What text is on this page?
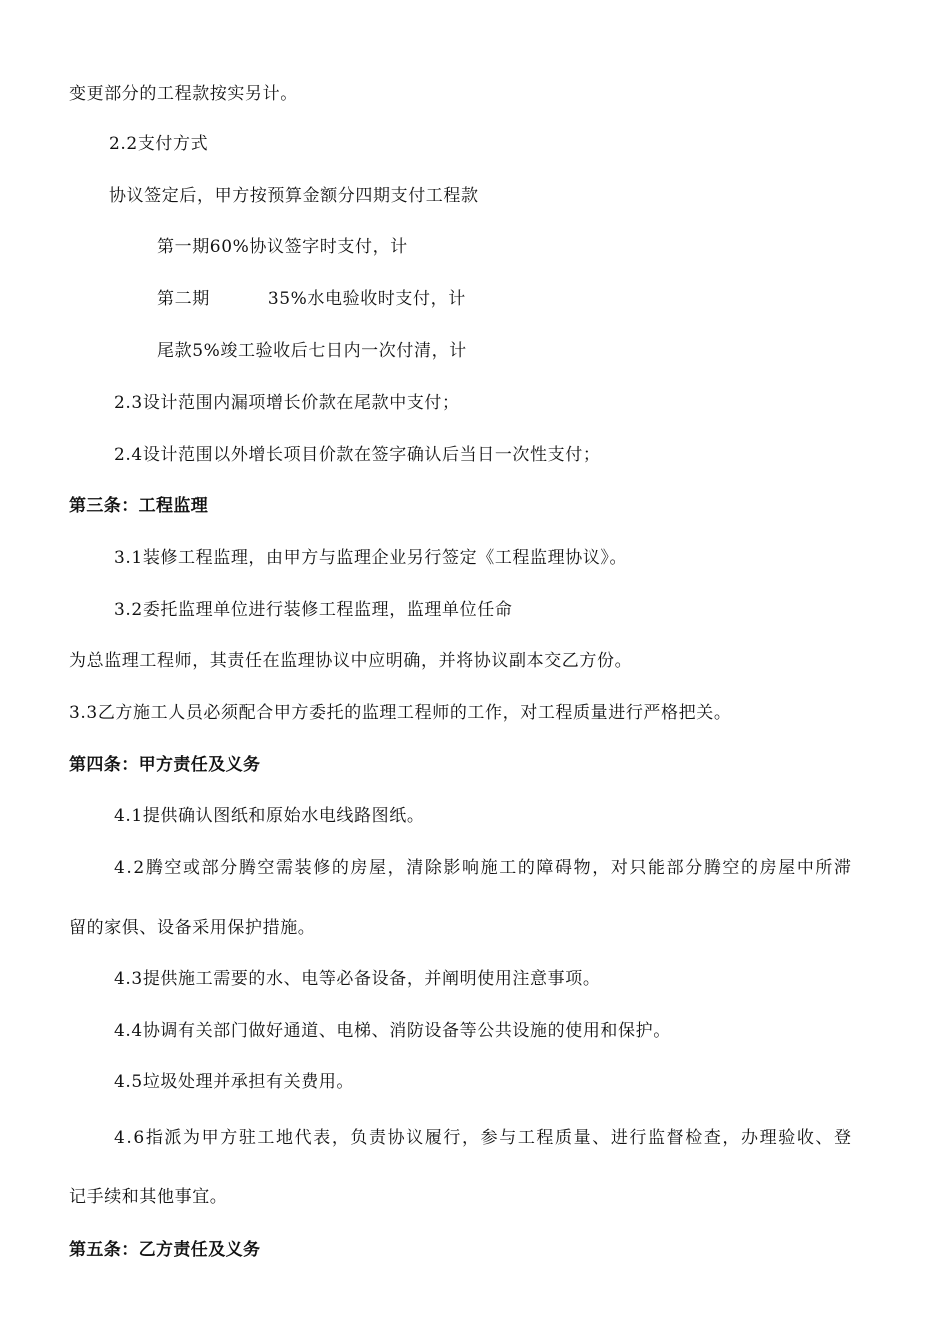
变更部分的工程款按实另计。
2.2支付方式
协议签定后，甲方按预算金额分四期支付工程款
第一期60%协议签字时支付，计
第二期	35%水电验收时支付，计
尾款5%竣工验收后七日内一次付清，计
2.3设计范围内漏项增长价款在尾款中支付；
2.4设计范围以外增长项目价款在签字确认后当日一次性支付；
第三条：工程监理
3.1装修工程监理，由甲方与监理企业另行签定《工程监理协议》。
3.2委托监理单位进行装修工程监理，监理单位任命
为总监理工程师，其责任在监理协议中应明确，并将协议副本交乙方份。
3.3乙方施工人员必须配合甲方委托的监理工程师的工作，对工程质量进行严格把关。
第四条：甲方责任及义务
4.1提供确认图纸和原始水电线路图纸。
4.2腾空或部分腾空需装修的房屋，清除影响施工的障碍物，对只能部分腾空的房屋中所滞
留的家俱、设备采用保护措施。
4.3提供施工需要的水、电等必备设备，并阐明使用注意事项。
4.4协调有关部门做好通道、电梯、消防设备等公共设施的使用和保护。
4.5垃圾处理并承担有关费用。
4.6指派为甲方驻工地代表，负责协议履行，参与工程质量、进行监督检查，办理验收、登
记手续和其他事宜。
第五条：乙方责任及义务
